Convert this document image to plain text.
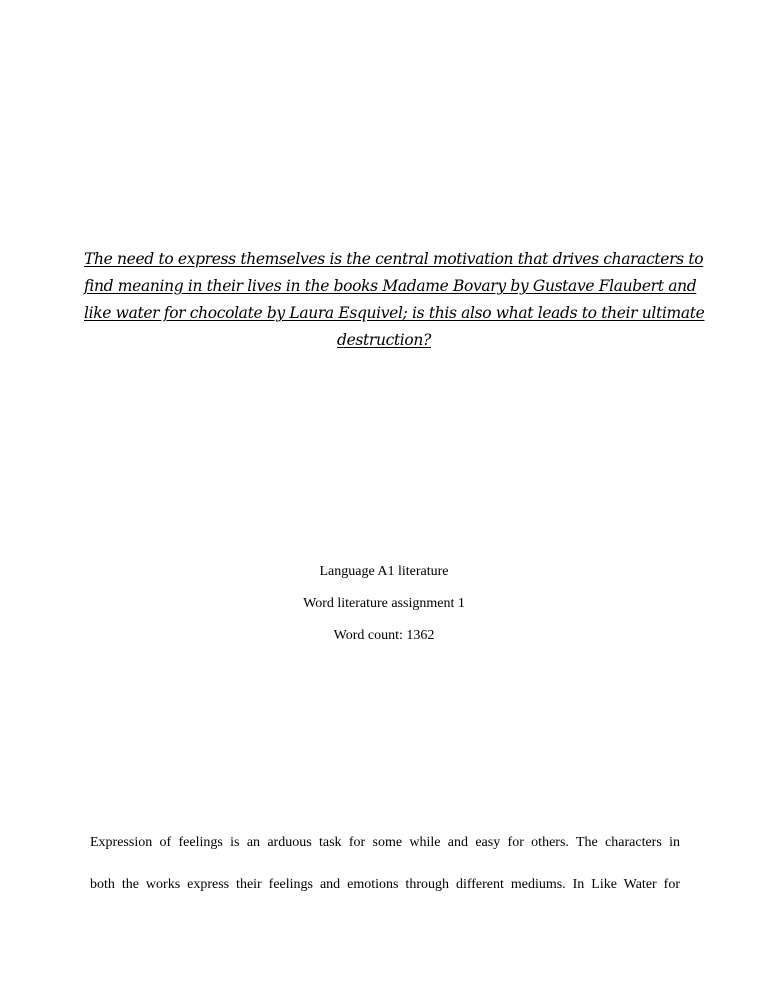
The need to express themselves is the central motivation that drives characters to
find meaning in their lives in the books Madame Bovary by Gustave Flaubert and
like water for chocolate by Laura Esquivel; is this also what leads to their ultimate
destruction?
Language A1 literature
Word literature assignment 1
Word count: 1362
Expression of feelings is an arduous task for some while and easy for others. The characters in
both the works express their feelings and emotions through different mediums. In Like Water for
